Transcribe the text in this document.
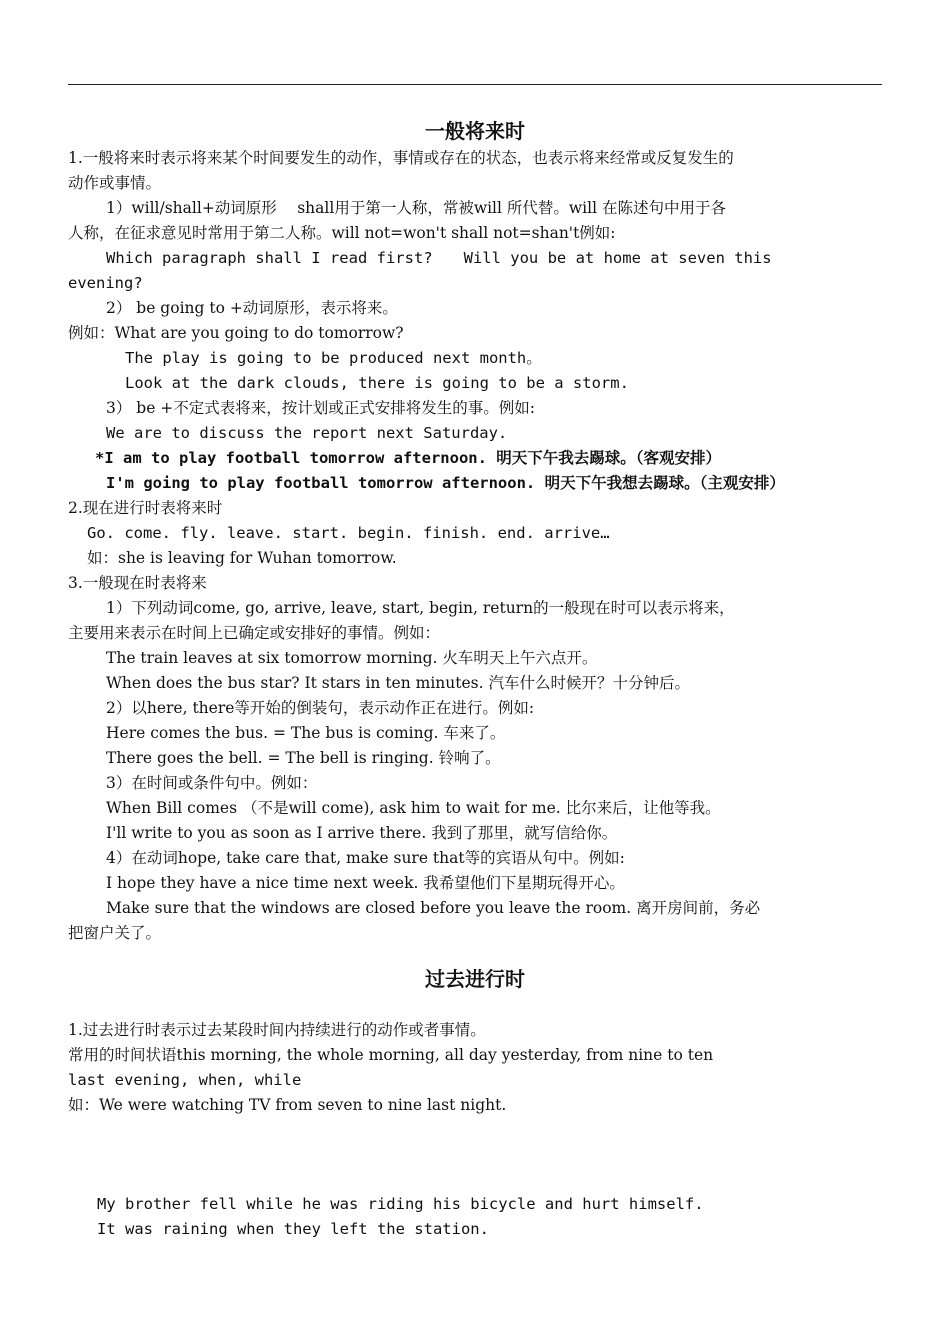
一般将来时
1.一般将来时表示将来某个时间要发生的动作，事情或存在的状态，也表示将来经常或反复发生的
动作或事情。
1）will/shall+动词原形　 shall用于第一人称，常被will 所代替。will 在陈述句中用于各
人称，在征求意见时常用于第二人称。will not=won't shall not=shan't例如:
Which paragraph shall I read first?　　Will you be at home at seven this
evening?
2） be going to +动词原形，表示将来。
例如：What are you going to do tomorrow?
The play is going to be produced next month。
Look at the dark clouds, there is going to be a storm.
3） be +不定式表将来，按计划或正式安排将发生的事。例如:
We are to discuss the report next Saturday.
*I am to play football tomorrow afternoon. 明天下午我去踢球。（客观安排）
I'm going to play football tomorrow afternoon. 明天下午我想去踢球。（主观安排）
2.现在进行时表将来时
Go. come. fly. leave. start. begin. finish. end. arrive…
如：she is leaving for Wuhan tomorrow.
3.一般现在时表将来
1）下列动词come, go, arrive, leave, start, begin, return的一般现在时可以表示将来，
主要用来表示在时间上已确定或安排好的事情。例如：
The train leaves at six tomorrow morning. 火车明天上午六点开。
When does the bus star? It stars in ten minutes. 汽车什么时候开？十分钟后。
2）以here, there等开始的倒装句，表示动作正在进行。例如:
Here comes the bus. = The bus is coming. 车来了。
There goes the bell. = The bell is ringing. 铃响了。
3）在时间或条件句中。例如：
When Bill comes （不是will come), ask him to wait for me. 比尔来后，让他等我。
I'll write to you as soon as I arrive there. 我到了那里，就写信给你。
4）在动词hope, take care that, make sure that等的宾语从句中。例如:
I hope they have a nice time next week. 我希望他们下星期玩得开心。
Make sure that the windows are closed before you leave the room. 离开房间前，务必
把窗户关了。
过去进行时
1.过去进行时表示过去某段时间内持续进行的动作或者事情。
常用的时间状语this morning, the whole morning, all day yesterday, from nine to ten
last evening, when, while
如：We were watching TV from seven to nine last night.
My brother fell while he was riding his bicycle and hurt himself.
It was raining when they left the station.
